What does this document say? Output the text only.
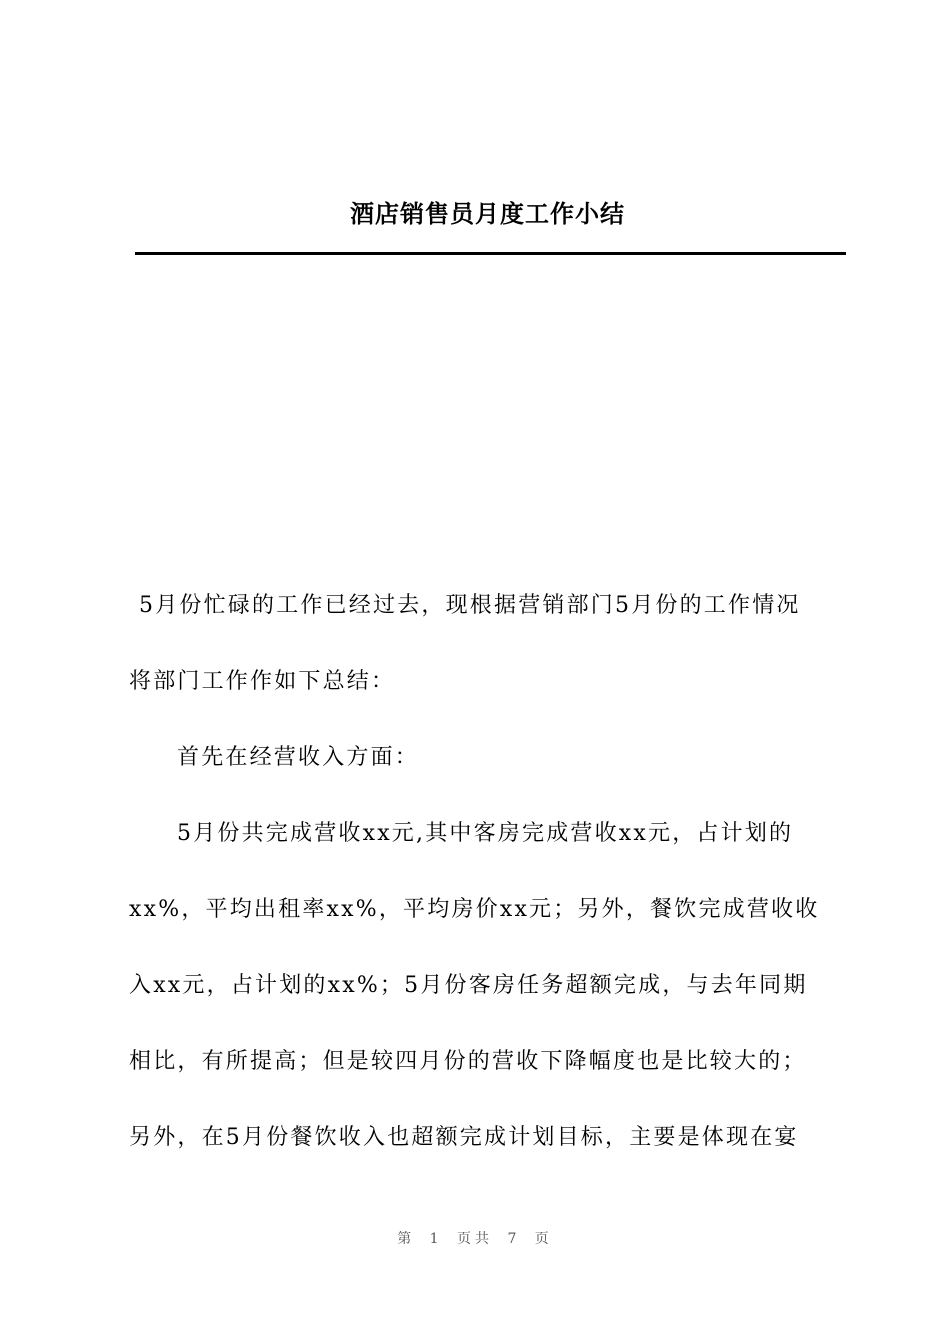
酒店销售员月度工作小结

5月份忙碌的工作已经过去，现根据营销部门5月份的工作情况

将部门工作作如下总结：

首先在经营收入方面：

5月份共完成营收xx元,其中客房完成营收xx元，占计划的

xx%，平均出租率xx%，平均房价xx元；另外，餐饮完成营收收

入xx元，占计划的xx%；5月份客房任务超额完成，与去年同期

相比，有所提高；但是较四月份的营收下降幅度也是比较大的；

另外，在5月份餐饮收入也超额完成计划目标，主要是体现在宴

第 1 页共 7 页
